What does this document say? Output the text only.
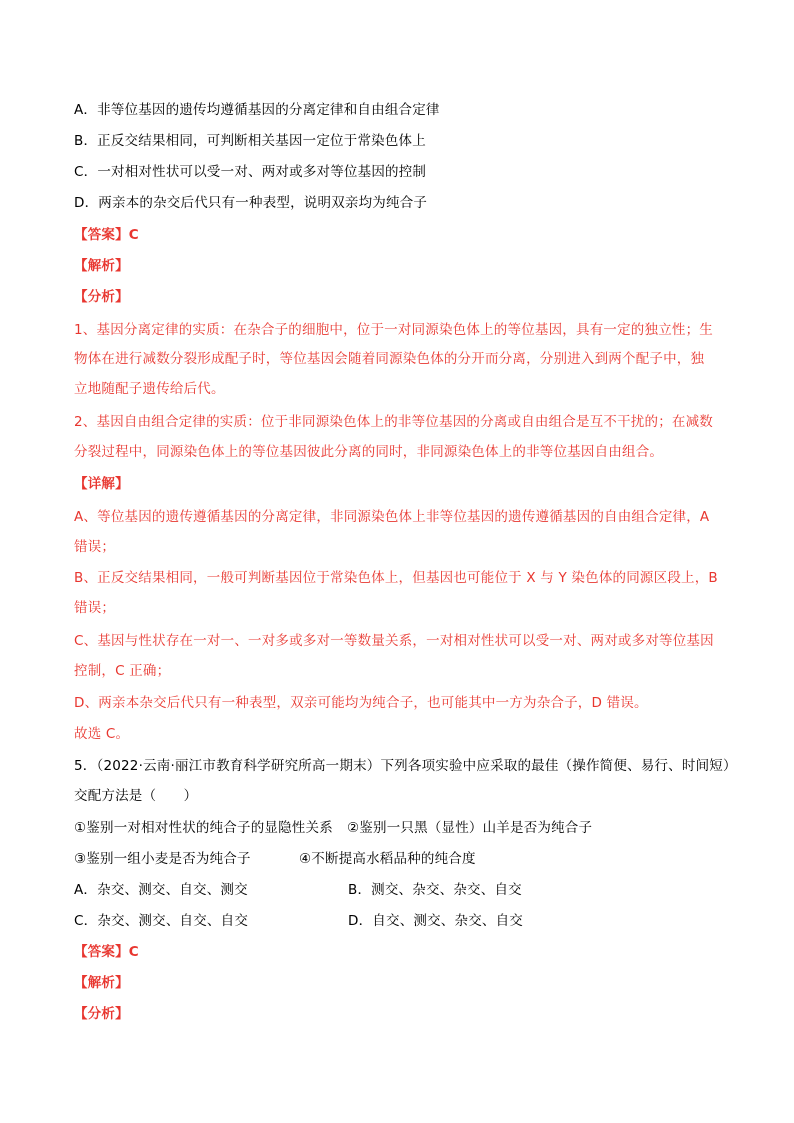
A．非等位基因的遗传均遵循基因的分离定律和自由组合定律
B．正反交结果相同，可判断相关基因一定位于常染色体上
C．一对相对性状可以受一对、两对或多对等位基因的控制
D．两亲本的杂交后代只有一种表型，说明双亲均为纯合子
【答案】C
【解析】
【分析】
1、基因分离定律的实质：在杂合子的细胞中，位于一对同源染色体上的等位基因，具有一定的独立性；生
物体在进行减数分裂形成配子时，等位基因会随着同源染色体的分开而分离，分别进入到两个配子中，独
立地随配子遗传给后代。
2、基因自由组合定律的实质：位于非同源染色体上的非等位基因的分离或自由组合是互不干扰的；在减数
分裂过程中，同源染色体上的等位基因彼此分离的同时，非同源染色体上的非等位基因自由组合。
【详解】
A、等位基因的遗传遵循基因的分离定律，非同源染色体上非等位基因的遗传遵循基因的自由组合定律，A
错误；
B、正反交结果相同，一般可判断基因位于常染色体上，但基因也可能位于 X 与 Y 染色体的同源区段上，B
错误；
C、基因与性状存在一对一、一对多或多对一等数量关系，一对相对性状可以受一对、两对或多对等位基因
控制，C 正确；
D、两亲本杂交后代只有一种表型，双亲可能均为纯合子，也可能其中一方为杂合子，D 错误。
故选 C。
5．（2022·云南·丽江市教育科学研究所高一期末）下列各项实验中应采取的最佳（操作简便、易行、时间短）
交配方法是（　　）
①鉴别一对相对性状的纯合子的显隐性关系 ②鉴别一只黑（显性）山羊是否为纯合子
③鉴别一组小麦是否为纯合子	④不断提高水稻品种的纯合度
A．杂交、测交、自交、测交	B．测交、杂交、杂交、自交
C．杂交、测交、自交、自交	D．自交、测交、杂交、自交
【答案】C
【解析】
【分析】
